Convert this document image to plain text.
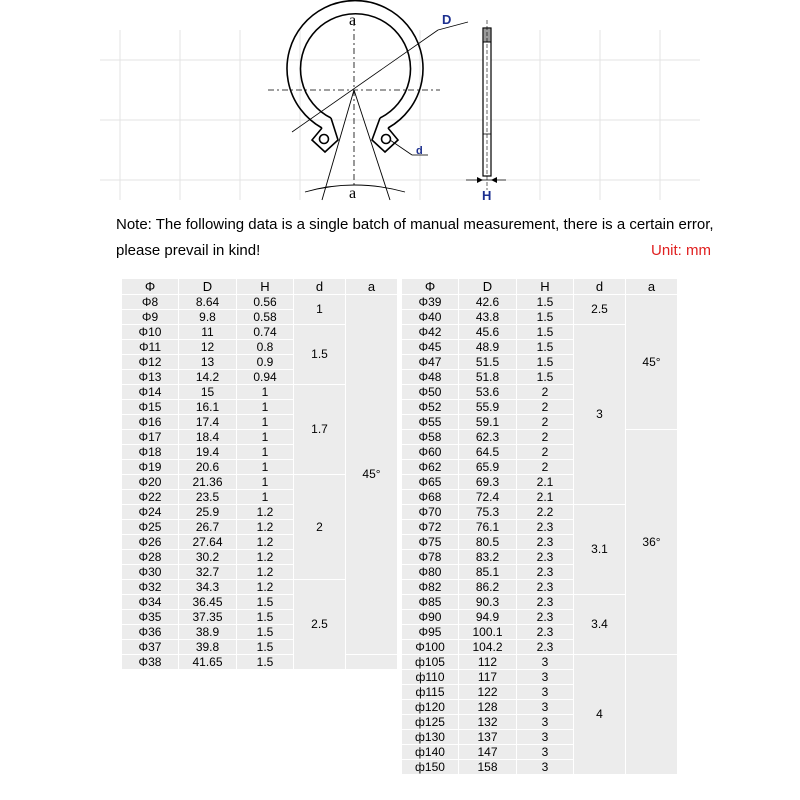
D
d
a
a
H
Note: The following data is a single batch of manual measurement, there is a certain error,
please prevail in kind!	Unit: mm
Φ	D	H	d	a
Φ8	8.64	0.56	1	45°
Φ9	9.8	0.58		
Φ10	11	0.74	1.5	
Φ11	12	0.8		
Φ12	13	0.9		
Φ13	14.2	0.94		
Φ14	15	1	1.7	
Φ15	16.1	1		
Φ16	17.4	1		
Φ17	18.4	1		
Φ18	19.4	1		
Φ19	20.6	1		
Φ20	21.36	1	2	
Φ22	23.5	1		
Φ24	25.9	1.2		
Φ25	26.7	1.2		
Φ26	27.64	1.2		
Φ28	30.2	1.2		
Φ30	32.7	1.2		
Φ32	34.3	1.2	2.5	
Φ34	36.45	1.5		
Φ35	37.35	1.5		
Φ36	38.9	1.5		
Φ37	39.8	1.5		
Φ38	41.65	1.5		
Φ	D	H	d	a
Φ39	42.6	1.5	2.5	45°
Φ40	43.8	1.5		
Φ42	45.6	1.5	3	
Φ45	48.9	1.5		
Φ47	51.5	1.5		
Φ48	51.8	1.5		
Φ50	53.6	2		
Φ52	55.9	2		
Φ55	59.1	2		
Φ58	62.3	2		36°
Φ60	64.5	2		
Φ62	65.9	2		
Φ65	69.3	2.1		
Φ68	72.4	2.1		
Φ70	75.3	2.2	3.1	
Φ72	76.1	2.3		
Φ75	80.5	2.3		
Φ78	83.2	2.3		
Φ80	85.1	2.3		
Φ82	86.2	2.3		
Φ85	90.3	2.3	3.4	
Φ90	94.9	2.3		
Φ95	100.1	2.3		
Φ100	104.2	2.3		
ф105	112	3	4	
ф110	117	3		
ф115	122	3		
ф120	128	3		
ф125	132	3		
ф130	137	3		
ф140	147	3		
ф150	158	3		
